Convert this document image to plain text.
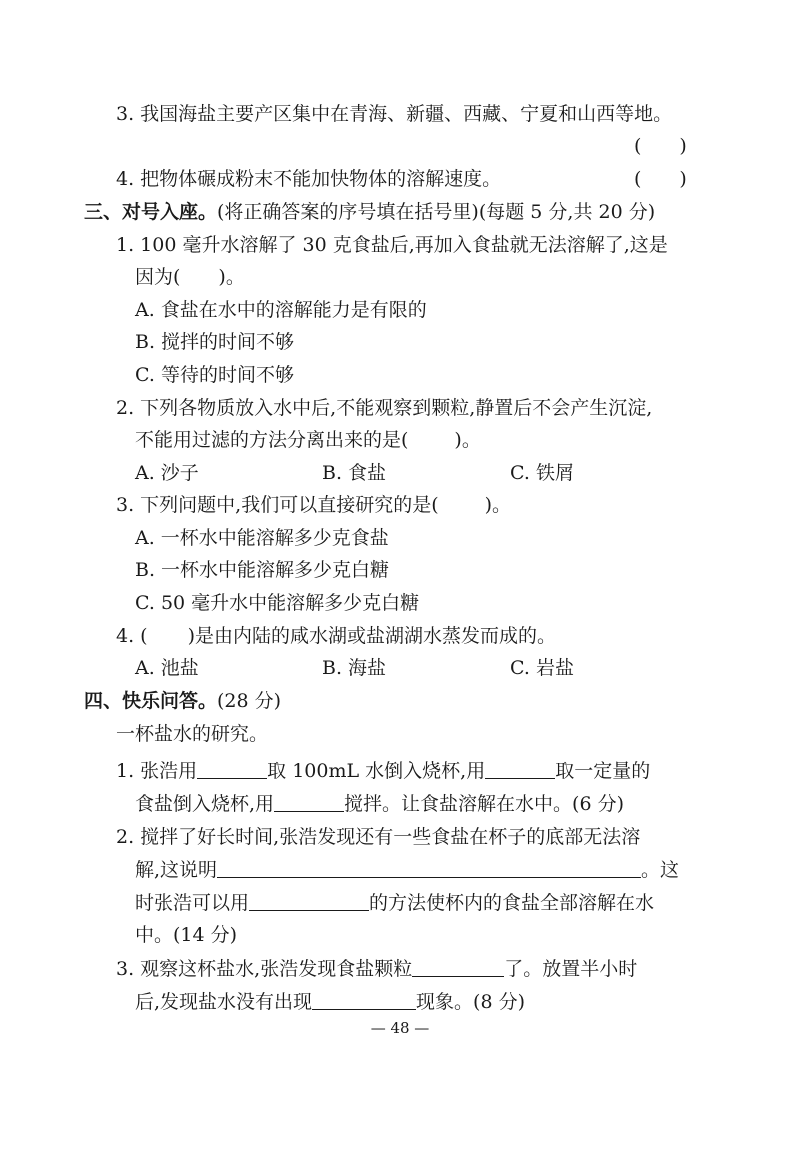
3. 我国海盐主要产区集中在青海、新疆、西藏、宁夏和山西等地。
(　　)
4. 把物体碾成粉末不能加快物体的溶解速度。	(　　)
三、对号入座。(将正确答案的序号填在括号里)(每题 5 分,共 20 分)
1. 100 毫升水溶解了 30 克食盐后,再加入食盐就无法溶解了,这是
因为( )。
A. 食盐在水中的溶解能力是有限的
B. 搅拌的时间不够
C. 等待的时间不够
2. 下列各物质放入水中后,不能观察到颗粒,静置后不会产生沉淀,
不能用过滤的方法分离出来的是( )。
A. 沙子	B. 食盐	C. 铁屑
3. 下列问题中,我们可以直接研究的是( )。
A. 一杯水中能溶解多少克食盐
B. 一杯水中能溶解多少克白糖
C. 50 毫升水中能溶解多少克白糖
4. ( )是由内陆的咸水湖或盐湖湖水蒸发而成的。
A. 池盐	B. 海盐	C. 岩盐
四、快乐问答。(28 分)
一杯盐水的研究。
1. 张浩用	取 100mL 水倒入烧杯,用	取一定量的
食盐倒入烧杯,用	搅拌。让食盐溶解在水中。(6 分)
2. 搅拌了好长时间,张浩发现还有一些食盐在杯子的底部无法溶
解,这说明	。这
时张浩可以用	的方法使杯内的食盐全部溶解在水
中。(14 分)
3. 观察这杯盐水,张浩发现食盐颗粒	了。放置半小时
后,发现盐水没有出现	现象。(8 分)
— 48 —
